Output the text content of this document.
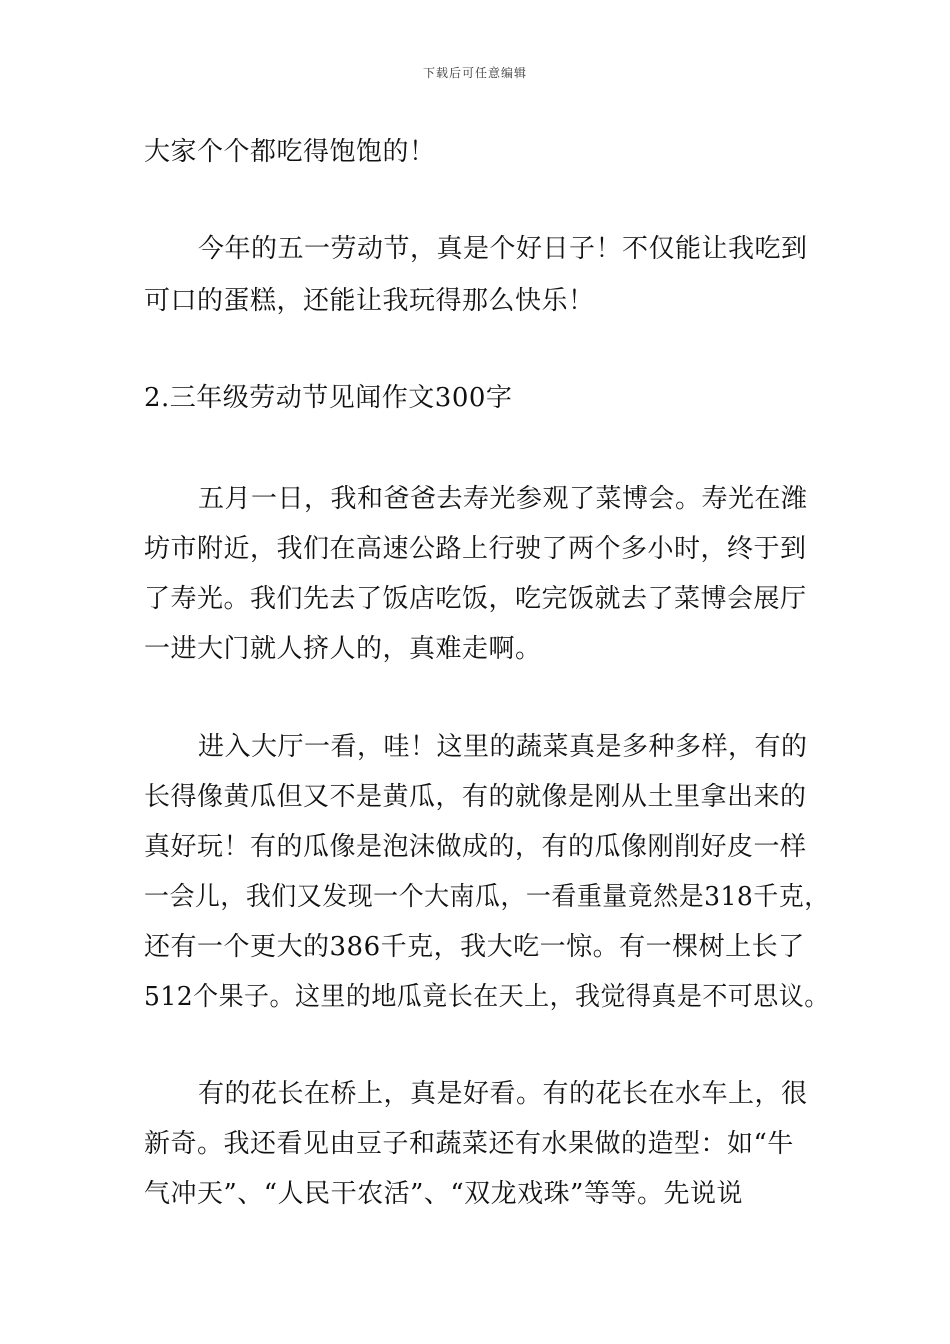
下载后可任意编辑
大家个个都吃得饱饱的！
今年的五一劳动节，真是个好日子！不仅能让我吃到
可口的蛋糕，还能让我玩得那么快乐！
2.三年级劳动节见闻作文300字
五月一日，我和爸爸去寿光参观了菜博会。寿光在潍
坊市附近，我们在高速公路上行驶了两个多小时，终于到
了寿光。我们先去了饭店吃饭，吃完饭就去了菜博会展厅
一进大门就人挤人的，真难走啊。
进入大厅一看，哇！这里的蔬菜真是多种多样，有的
长得像黄瓜但又不是黄瓜，有的就像是刚从土里拿出来的
真好玩！有的瓜像是泡沫做成的，有的瓜像刚削好皮一样
一会儿，我们又发现一个大南瓜，一看重量竟然是318千克，
还有一个更大的386千克，我大吃一惊。有一棵树上长了
512个果子。这里的地瓜竟长在天上，我觉得真是不可思议。
有的花长在桥上，真是好看。有的花长在水车上，很
新奇。我还看见由豆子和蔬菜还有水果做的造型：如“牛
气冲天”、“人民干农活”、“双龙戏珠”等等。先说说
